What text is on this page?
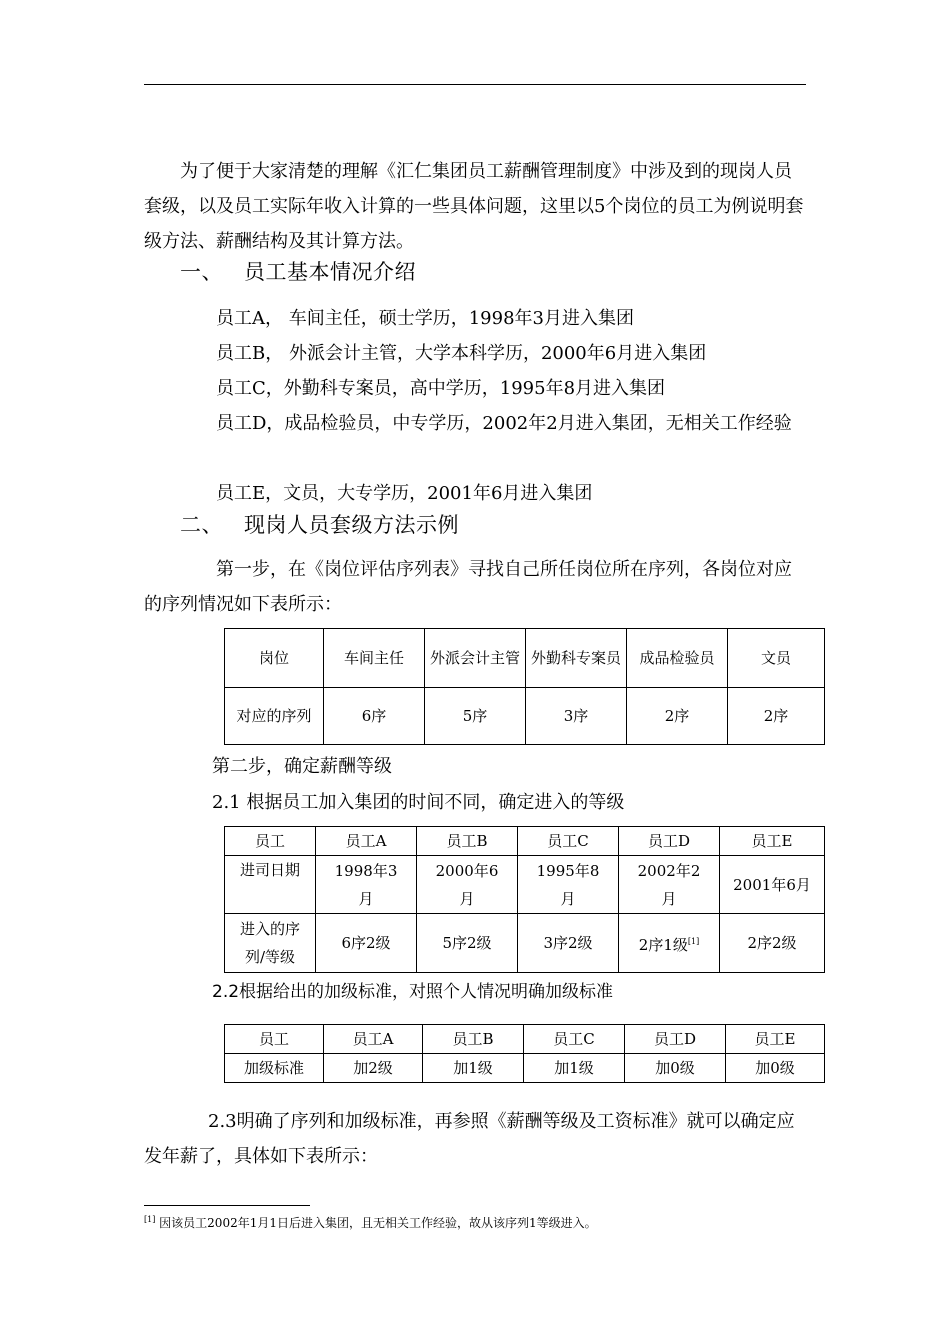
为了便于大家清楚的理解《汇仁集团员工薪酬管理制度》中涉及到的现岗人员套级，以及员工实际年收入计算的一些具体问题，这里以5个岗位的员工为例说明套级方法、薪酬结构及其计算方法。

一、 员工基本情况介绍
员工A， 车间主任，硕士学历，1998年3月进入集团
员工B， 外派会计主管，大学本科学历，2000年6月进入集团
员工C，外勤科专案员，高中学历，1995年8月进入集团
员工D，成品检验员，中专学历，2002年2月进入集团，无相关工作经验
员工E，文员，大专学历，2001年6月进入集团
二、 现岗人员套级方法示例

第一步，在《岗位评估序列表》寻找自己所任岗位所在序列，各岗位对应的序列情况如下表所示：

岗位	车间主任	外派会计主管	外勤科专案员	成品检验员	文员
对应的序列	6序	5序	3序	2序	2序
第二步，确定薪酬等级
2.1 根据员工加入集团的时间不同，确定进入的等级
员工	员工A	员工B	员工C	员工D	员工E
进司日期	1998年3月	2000年6月	1995年8月	2002年2月	2001年6月
进入的序列/等级	6序2级	5序2级	3序2级	2序1级[1]	2序2级
2.2根据给出的加级标准，对照个人情况明确加级标准
员工	员工A	员工B	员工C	员工D	员工E
加级标准	加2级	加1级	加1级	加0级	加0级

2.3明确了序列和加级标准，再参照《薪酬等级及工资标准》就可以确定应发年薪了，具体如下表所示：

[1] 因该员工2002年1月1日后进入集团，且无相关工作经验，故从该序列1等级进入。
